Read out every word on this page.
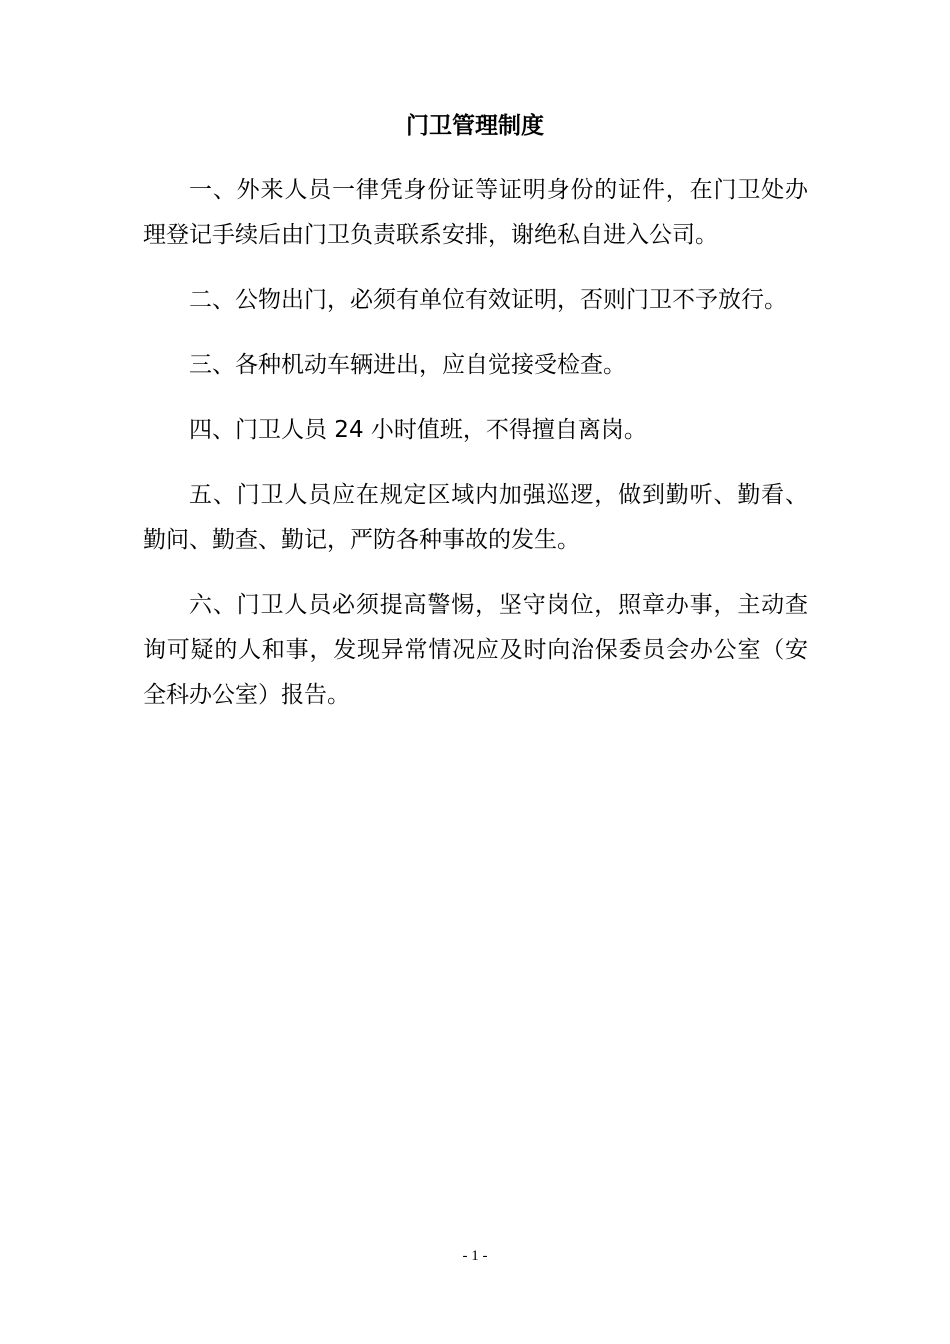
门卫管理制度

一、外来人员一律凭身份证等证明身份的证件，在门卫处办理登记手续后由门卫负责联系安排，谢绝私自进入公司。

二、公物出门，必须有单位有效证明，否则门卫不予放行。

三、各种机动车辆进出，应自觉接受检查。

四、门卫人员 24 小时值班，不得擅自离岗。

五、门卫人员应在规定区域内加强巡逻，做到勤听、勤看、勤问、勤查、勤记，严防各种事故的发生。

六、门卫人员必须提高警惕，坚守岗位，照章办事，主动查询可疑的人和事，发现异常情况应及时向治保委员会办公室（安全科办公室）报告。

- 1 -
